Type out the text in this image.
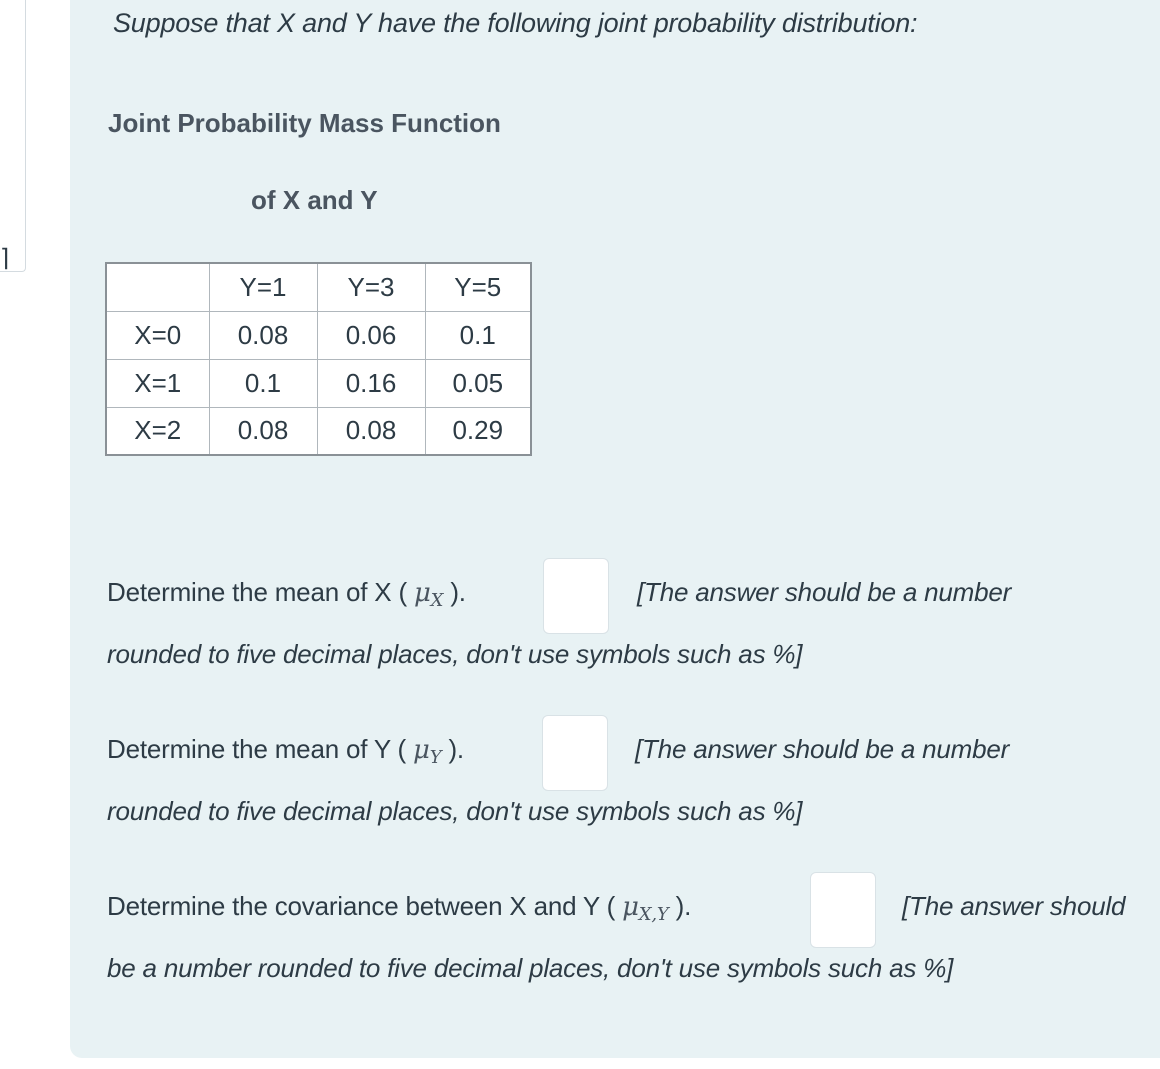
⌉
Suppose that X and Y have the following joint probability distribution:
Joint Probability Mass Function
of X and Y
	Y=1	Y=3	Y=5
X=0	0.08	0.06	0.1
X=1	0.1	0.16	0.05
X=2	0.08	0.08	0.29
Determine the mean of X ( μX ).	[The answer should be a number
rounded to five decimal places, don't use symbols such as %]
Determine the mean of Y ( μY ).	[The answer should be a number
rounded to five decimal places, don't use symbols such as %]
Determine the covariance between X and Y ( μX,Y ).	[The answer should
be a number rounded to five decimal places, don't use symbols such as %]
